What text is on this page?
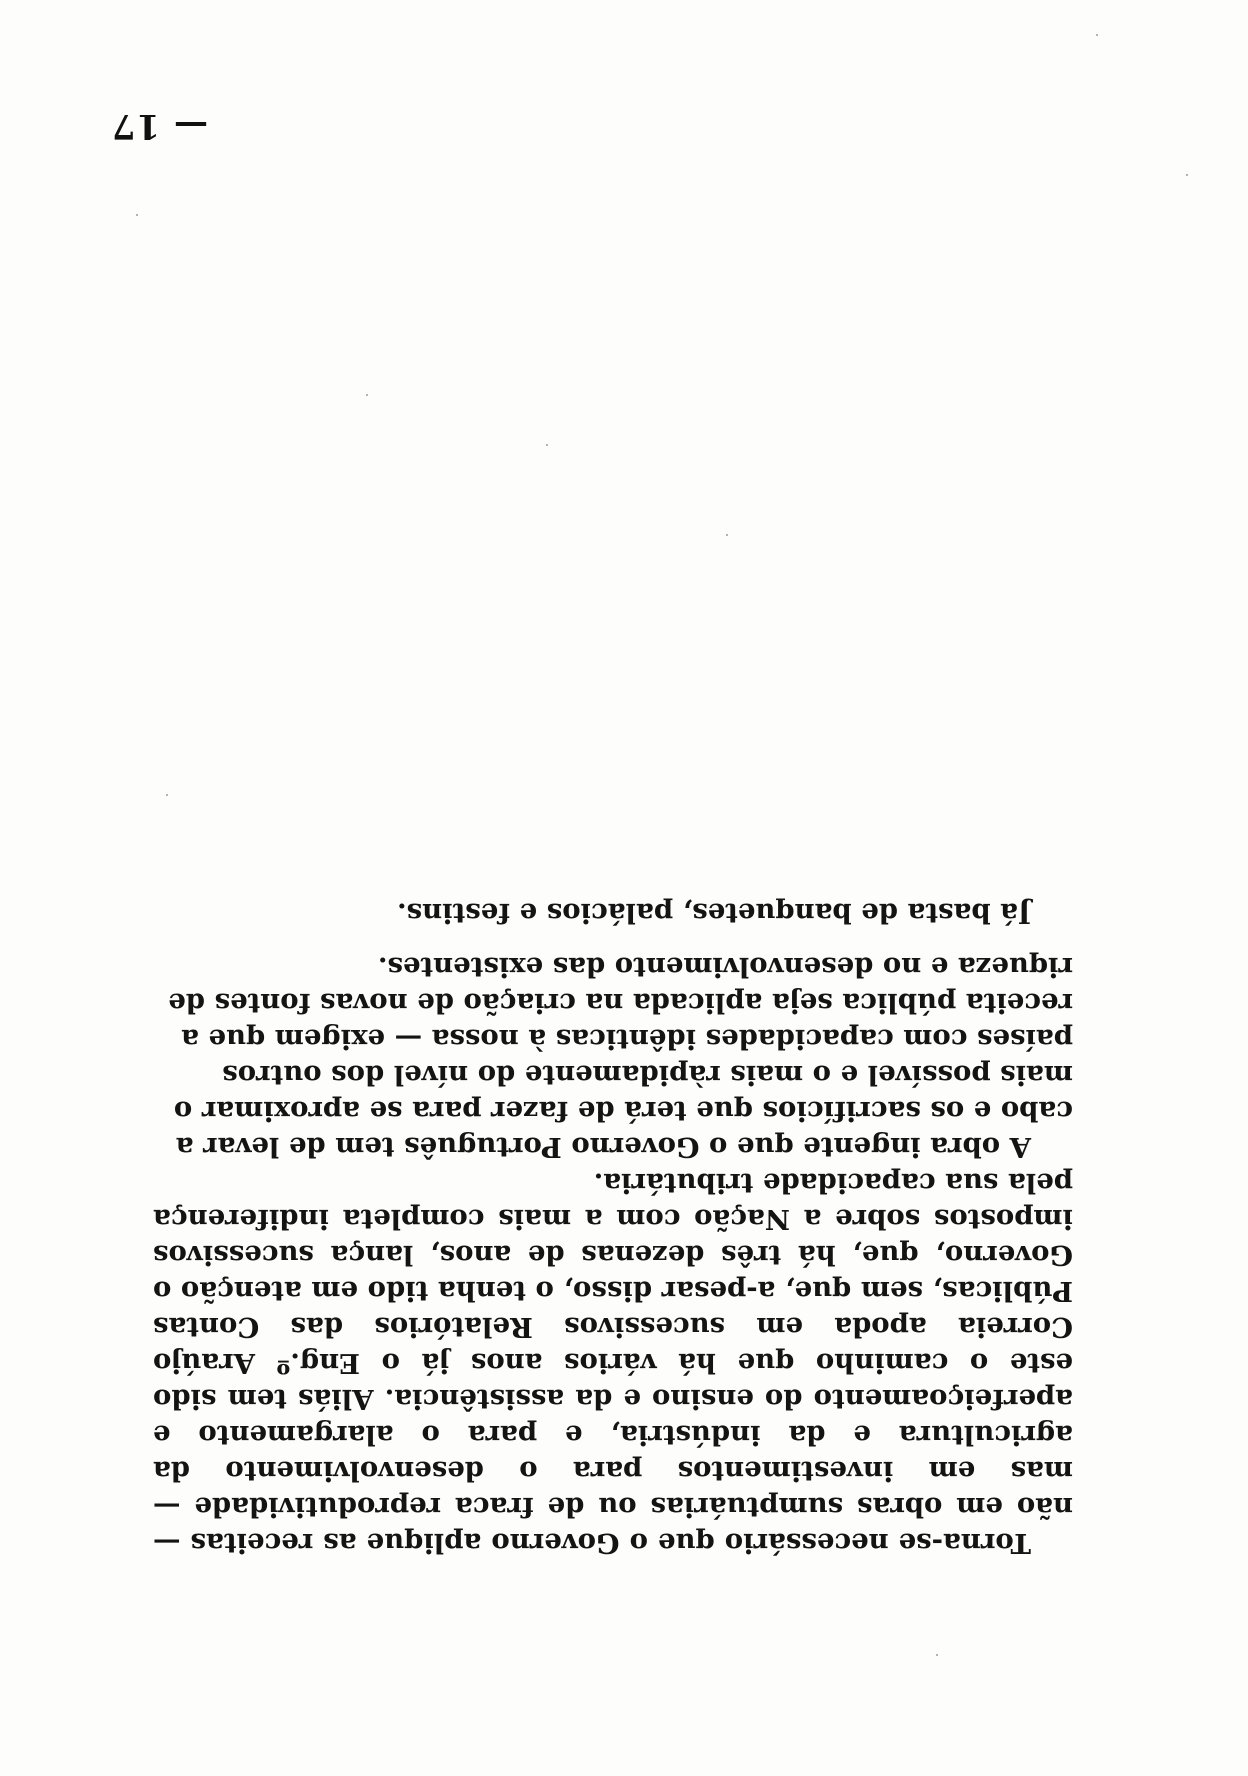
— 17

Torna-se necessário que o Governo aplique as receitas — não em obras sumptuárias ou de fraca reprodutividade — mas em investimentos para o desenvolvimento da agricultura e da indústria, e para o alargamento e aperfeiçoamento do ensino e da assistência. Aliás tem sido este o caminho que há vários anos já o Eng.º Araújo Correia apoda em sucessivos Relatórios das Contas Públicas, sem que, a-pesar disso, o tenha tido em atenção o Governo, que, há três dezenas de anos, lança sucessivos impostos sobre a Nação com a mais completa indiferença pela sua capacidade tributária.

A obra ingente que o Governo Português tem de levar a cabo e os sacrifícios que terá de fazer para se aproximar o mais possível e o mais ràpidamente do nível dos outros países com capacidades idênticas à nossa — exigem que a receita pública seja aplicada na criação de novas fontes de riqueza e no desenvolvimento das existentes.

Já basta de banquetes, palácios e festins.
